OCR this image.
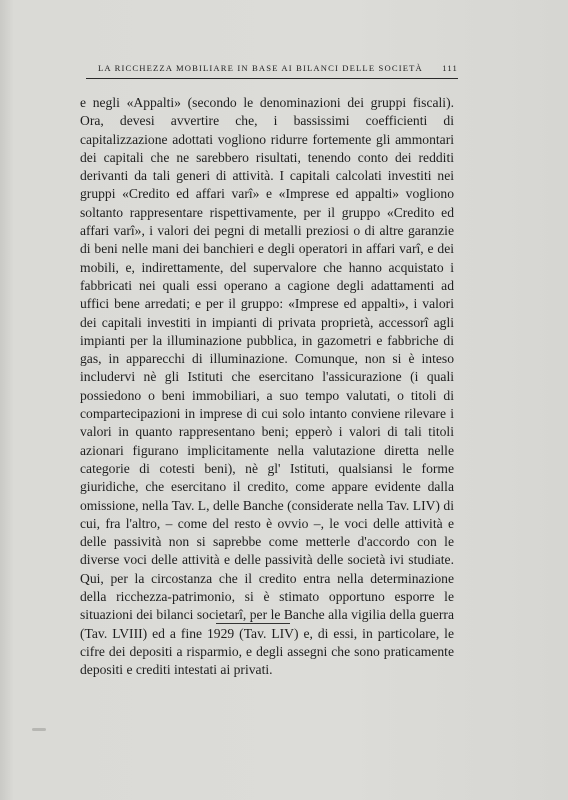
LA RICCHEZZA MOBILIARE IN BASE AI BILANCI DELLE SOCIETÀ 111

e negli «Appalti» (secondo le denominazioni dei gruppi fiscali). Ora, devesi avvertire che, i bassissimi coefficienti di capitalizzazione adottati vogliono ridurre fortemente gli ammontari dei capitali che ne sarebbero risultati, tenendo conto dei redditi derivanti da tali generi di attività. I capitali calcolati investiti nei gruppi «Credito ed affari varî» e «Imprese ed appalti» vogliono soltanto rappresentare rispettivamente, per il gruppo «Credito ed affari varî», i valori dei pegni di metalli preziosi o di altre garanzie di beni nelle mani dei banchieri e degli operatori in affari varî, e dei mobili, e, indirettamente, del supervalore che hanno acquistato i fabbricati nei quali essi operano a cagione degli adattamenti ad uffici bene arredati; e per il gruppo: «Imprese ed appalti», i valori dei capitali investiti in impianti di privata proprietà, accessorî agli impianti per la illuminazione pubblica, in gazometri e fabbriche di gas, in apparecchi di illuminazione. Comunque, non si è inteso includervi nè gli Istituti che esercitano l'assicurazione (i quali possiedono o beni immobiliari, a suo tempo valutati, o titoli di compartecipazioni in imprese di cui solo intanto conviene rilevare i valori in quanto rappresentano beni; epperò i valori di tali titoli azionari figurano implicitamente nella valutazione diretta nelle categorie di cotesti beni), nè gl' Istituti, qualsiansi le forme giuridiche, che esercitano il credito, come appare evidente dalla omissione, nella Tav. L, delle Banche (considerate nella Tav. LIV) di cui, fra l'altro, – come del resto è ovvio –, le voci delle attività e delle passività non si saprebbe come metterle d'accordo con le diverse voci delle attività e delle passività delle società ivi studiate. Qui, per la circostanza che il credito entra nella determinazione della ricchezza-patrimonio, si è stimato opportuno esporre le situazioni dei bilanci societarî, per le Banche alla vigilia della guerra (Tav. LVIII) ed a fine 1929 (Tav. LIV) e, di essi, in particolare, le cifre dei depositi a risparmio, e degli assegni che sono praticamente depositi e crediti intestati ai privati.
